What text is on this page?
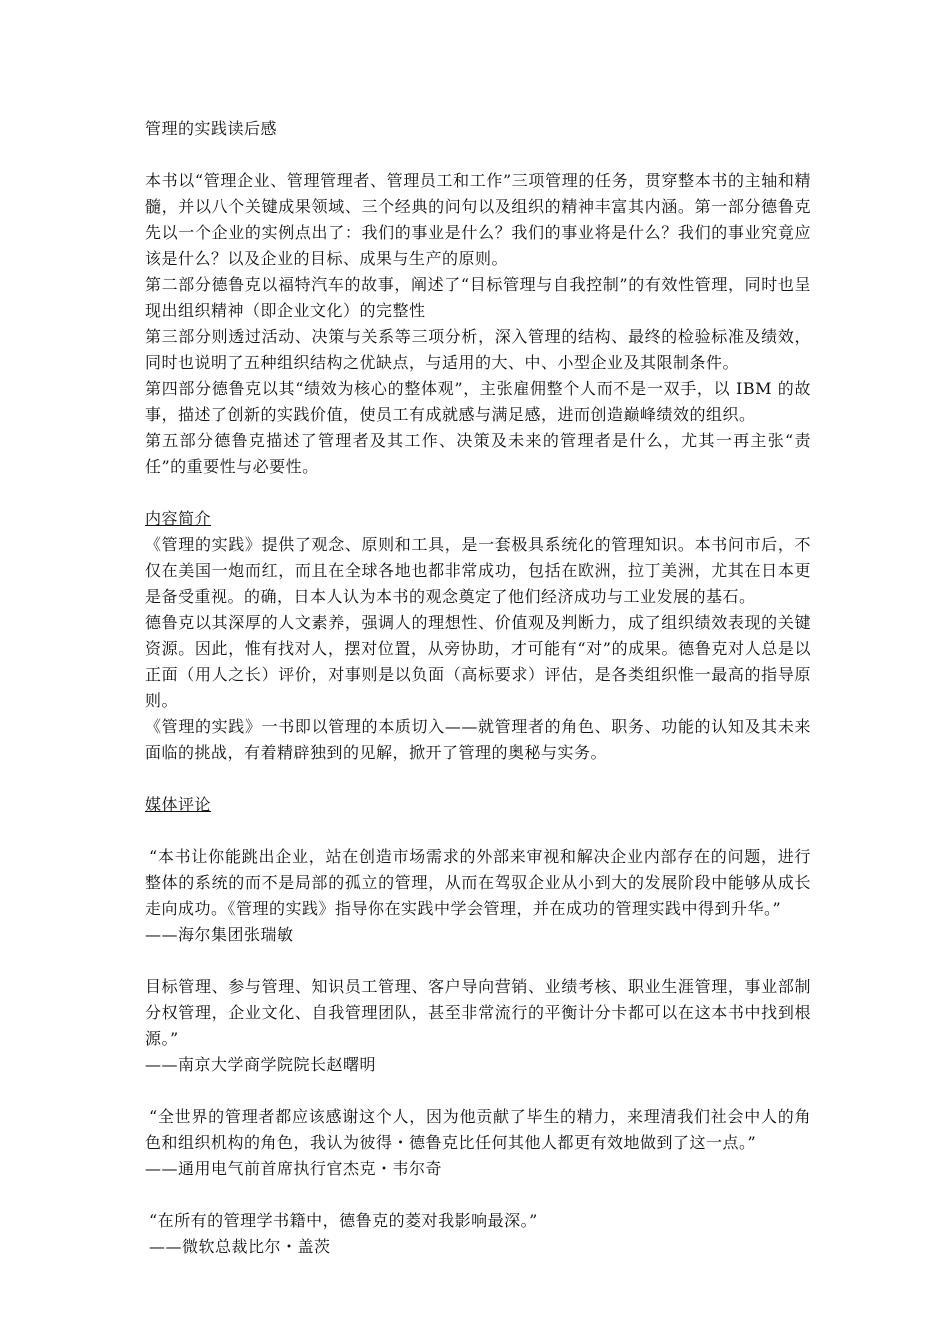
管理的实践读后感

本书以“管理企业、管理管理者、管理员工和工作”三项管理的任务，贯穿整本书的主轴和精髓，并以八个关键成果领域、三个经典的问句以及组织的精神丰富其内涵。第一部分德鲁克先以一个企业的实例点出了：我们的事业是什么？我们的事业将是什么？我们的事业究竟应该是什么？以及企业的目标、成果与生产的原则。

第二部分德鲁克以福特汽车的故事，阐述了“目标管理与自我控制”的有效性管理，同时也呈现出组织精神（即企业文化）的完整性

第三部分则透过活动、决策与关系等三项分析，深入管理的结构、最终的检验标准及绩效，同时也说明了五种组织结构之优缺点，与适用的大、中、小型企业及其限制条件。

第四部分德鲁克以其“绩效为核心的整体观”，主张雇佣整个人而不是一双手，以 IBM 的故事，描述了创新的实践价值，使员工有成就感与满足感，进而创造巅峰绩效的组织。

第五部分德鲁克描述了管理者及其工作、决策及未来的管理者是什么，尤其一再主张“责任”的重要性与必要性。

内容简介

《管理的实践》提供了观念、原则和工具，是一套极具系统化的管理知识。本书问市后，不仅在美国一炮而红，而且在全球各地也都非常成功，包括在欧洲，拉丁美洲，尤其在日本更是备受重视。的确，日本人认为本书的观念奠定了他们经济成功与工业发展的基石。

德鲁克以其深厚的人文素养，强调人的理想性、价值观及判断力，成了组织绩效表现的关键资源。因此，惟有找对人，摆对位置，从旁协助，才可能有“对”的成果。德鲁克对人总是以正面（用人之长）评价，对事则是以负面（高标要求）评估，是各类组织惟一最高的指导原则。

《管理的实践》一书即以管理的本质切入——就管理者的角色、职务、功能的认知及其未来面临的挑战，有着精辟独到的见解，掀开了管理的奥秘与实务。

媒体评论

“本书让你能跳出企业，站在创造市场需求的外部来审视和解决企业内部存在的问题，进行整体的系统的而不是局部的孤立的管理，从而在驾驭企业从小到大的发展阶段中能够从成长走向成功。《管理的实践》指导你在实践中学会管理，并在成功的管理实践中得到升华。”

——海尔集团张瑞敏

目标管理、参与管理、知识员工管理、客户导向营销、业绩考核、职业生涯管理，事业部制分权管理，企业文化、自我管理团队，甚至非常流行的平衡计分卡都可以在这本书中找到根源。”

——南京大学商学院院长赵曙明

“全世界的管理者都应该感谢这个人，因为他贡献了毕生的精力，来理清我们社会中人的角色和组织机构的角色，我认为彼得・德鲁克比任何其他人都更有效地做到了这一点。”

——通用电气前首席执行官杰克・韦尔奇

“在所有的管理学书籍中，德鲁克的菱对我影响最深。”

——微软总裁比尔・盖茨
